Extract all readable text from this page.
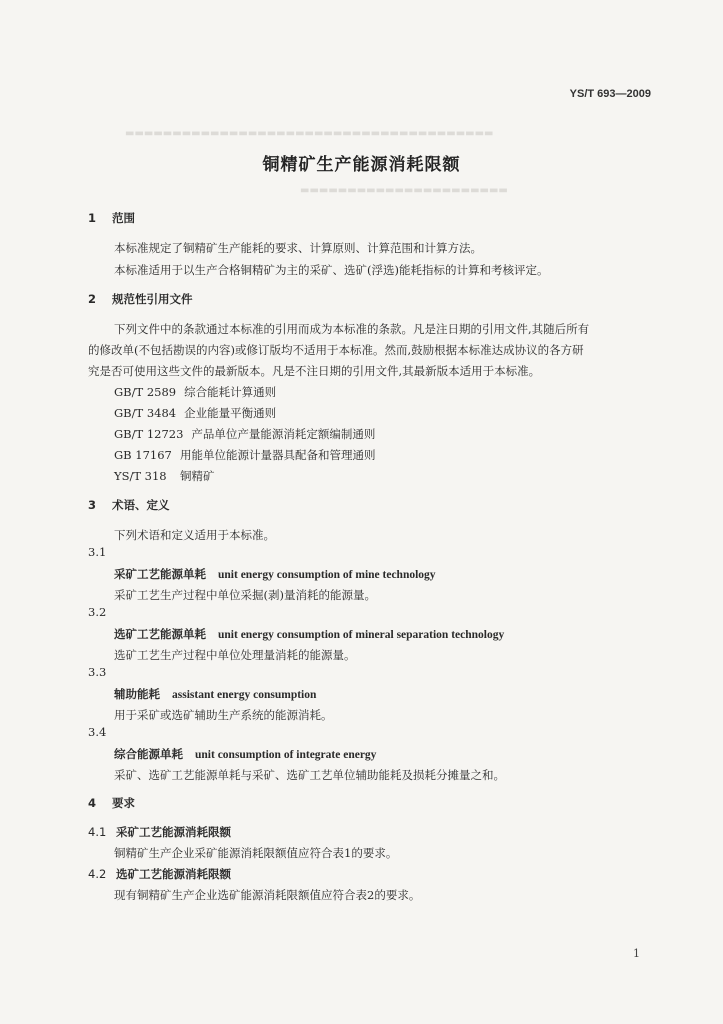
▬▬▬▬▬▬▬▬▬▬▬▬▬▬▬▬▬▬▬▬▬▬▬▬▬▬▬▬▬▬▬▬▬▬▬▬▬▬▬
▬▬▬▬▬▬▬▬▬▬▬▬▬▬▬▬▬▬▬▬▬▬
YS/T 693—2009
铜精矿生产能源消耗限额
1 范围
本标准规定了铜精矿生产能耗的要求、计算原则、计算范围和计算方法。
本标准适用于以生产合格铜精矿为主的采矿、选矿(浮选)能耗指标的计算和考核评定。
2 规范性引用文件
下列文件中的条款通过本标准的引用而成为本标准的条款。凡是注日期的引用文件,其随后所有
的修改单(不包括勘误的内容)或修订版均不适用于本标准。然而,鼓励根据本标准达成协议的各方研
究是否可使用这些文件的最新版本。凡是不注日期的引用文件,其最新版本适用于本标准。
GB/T 2589 综合能耗计算通则
GB/T 3484 企业能量平衡通则
GB/T 12723 产品单位产量能源消耗定额编制通则
GB 17167 用能单位能源计量器具配备和管理通则
YS/T 318 铜精矿
3 术语、定义
下列术语和定义适用于本标准。
3.1
采矿工艺能源单耗 unit energy consumption of mine technology
采矿工艺生产过程中单位采掘(剥)量消耗的能源量。
3.2
选矿工艺能源单耗 unit energy consumption of mineral separation technology
选矿工艺生产过程中单位处理量消耗的能源量。
3.3
辅助能耗 assistant energy consumption
用于采矿或选矿辅助生产系统的能源消耗。
3.4
综合能源单耗 unit consumption of integrate energy
采矿、选矿工艺能源单耗与采矿、选矿工艺单位辅助能耗及损耗分摊量之和。
4 要求
4.1 采矿工艺能源消耗限额
铜精矿生产企业采矿能源消耗限额值应符合表1的要求。
4.2 选矿工艺能源消耗限额
现有铜精矿生产企业选矿能源消耗限额值应符合表2的要求。
1
